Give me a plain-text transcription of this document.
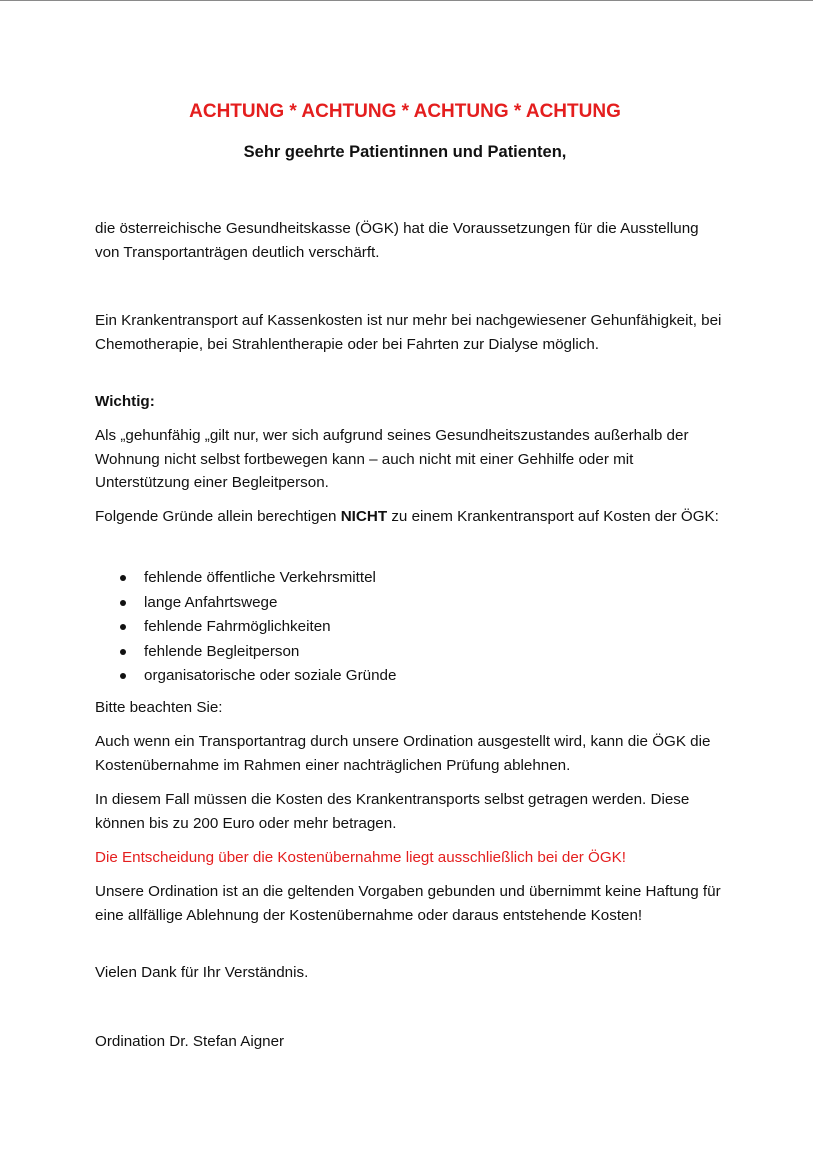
ACHTUNG * ACHTUNG * ACHTUNG * ACHTUNG
Sehr geehrte Patientinnen und Patienten,

die österreichische Gesundheitskasse (ÖGK) hat die Voraussetzungen für die Ausstellung von Transportanträgen deutlich verschärft.

Ein Krankentransport auf Kassenkosten ist nur mehr bei nachgewiesener Gehunfähigkeit, bei Chemotherapie, bei Strahlentherapie oder bei Fahrten zur Dialyse möglich.

Wichtig:

Als „gehunfähig „gilt nur, wer sich aufgrund seines Gesundheitszustandes außerhalb der Wohnung nicht selbst fortbewegen kann – auch nicht mit einer Gehhilfe oder mit Unterstützung einer Begleitperson.

Folgende Gründe allein berechtigen NICHT zu einem Krankentransport auf Kosten der ÖGK:

fehlende öffentliche Verkehrsmittel
lange Anfahrtswege
fehlende Fahrmöglichkeiten
fehlende Begleitperson
organisatorische oder soziale Gründe

Bitte beachten Sie:

Auch wenn ein Transportantrag durch unsere Ordination ausgestellt wird, kann die ÖGK die Kostenübernahme im Rahmen einer nachträglichen Prüfung ablehnen.

In diesem Fall müssen die Kosten des Krankentransports selbst getragen werden. Diese können bis zu 200 Euro oder mehr betragen.

Die Entscheidung über die Kostenübernahme liegt ausschließlich bei der ÖGK!

Unsere Ordination ist an die geltenden Vorgaben gebunden und übernimmt keine Haftung für eine allfällige Ablehnung der Kostenübernahme oder daraus entstehende Kosten!

Vielen Dank für Ihr Verständnis.

Ordination Dr. Stefan Aigner
